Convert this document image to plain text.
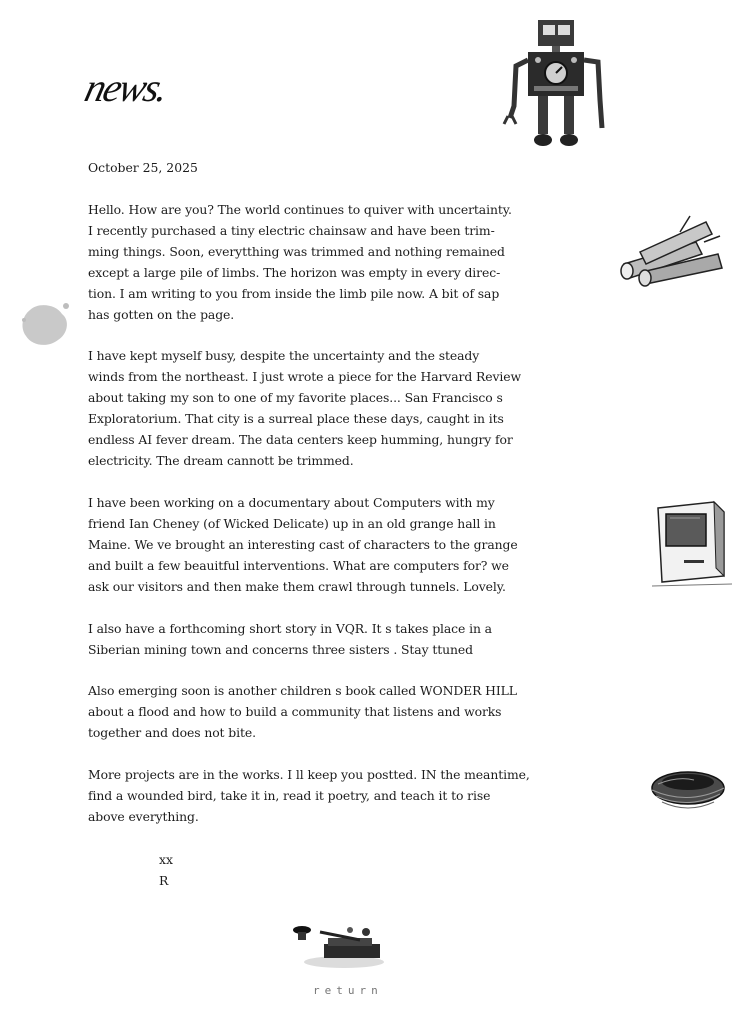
news.
October 25, 2025

Hello. How are you? The world continues to quiver with uncertainty.
I recently purchased a tiny electric chainsaw and have been trim-
ming things. Soon, everytthing was trimmed and nothing remained
except a large pile of limbs. The horizon was empty in every direc-
tion. I am writing to you from inside the limb pile now. A bit of sap
has gotten on the page.

I have kept myself busy, despite the uncertainty and the steady
winds from the northeast. I just wrote a piece for the Harvard Review
about taking my son to one of my favorite places... San Francisco s
Exploratorium. That city is a surreal place these days, caught in its
endless AI fever dream. The data centers keep humming, hungry for
electricity. The dream cannott be trimmed.

I have been working on a documentary about Computers with my
friend Ian Cheney (of Wicked Delicate) up in an old grange hall in
Maine. We ve brought an interesting cast of characters to the grange
and built a few beauitful interventions. What are computers for? we
ask our visitors and then make them crawl through tunnels. Lovely.

I also have a forthcoming short story in VQR. It s takes place in a
Siberian mining town and concerns three sisters . Stay ttuned

Also emerging soon is another children s book called WONDER HILL
about a flood and how to build a community that listens and works
together and does not bite.

More projects are in the works. I ll keep you postted. IN the meantime,
find a wounded bird, take it in, read it poetry, and teach it to rise
above everything.

xx
R
return
